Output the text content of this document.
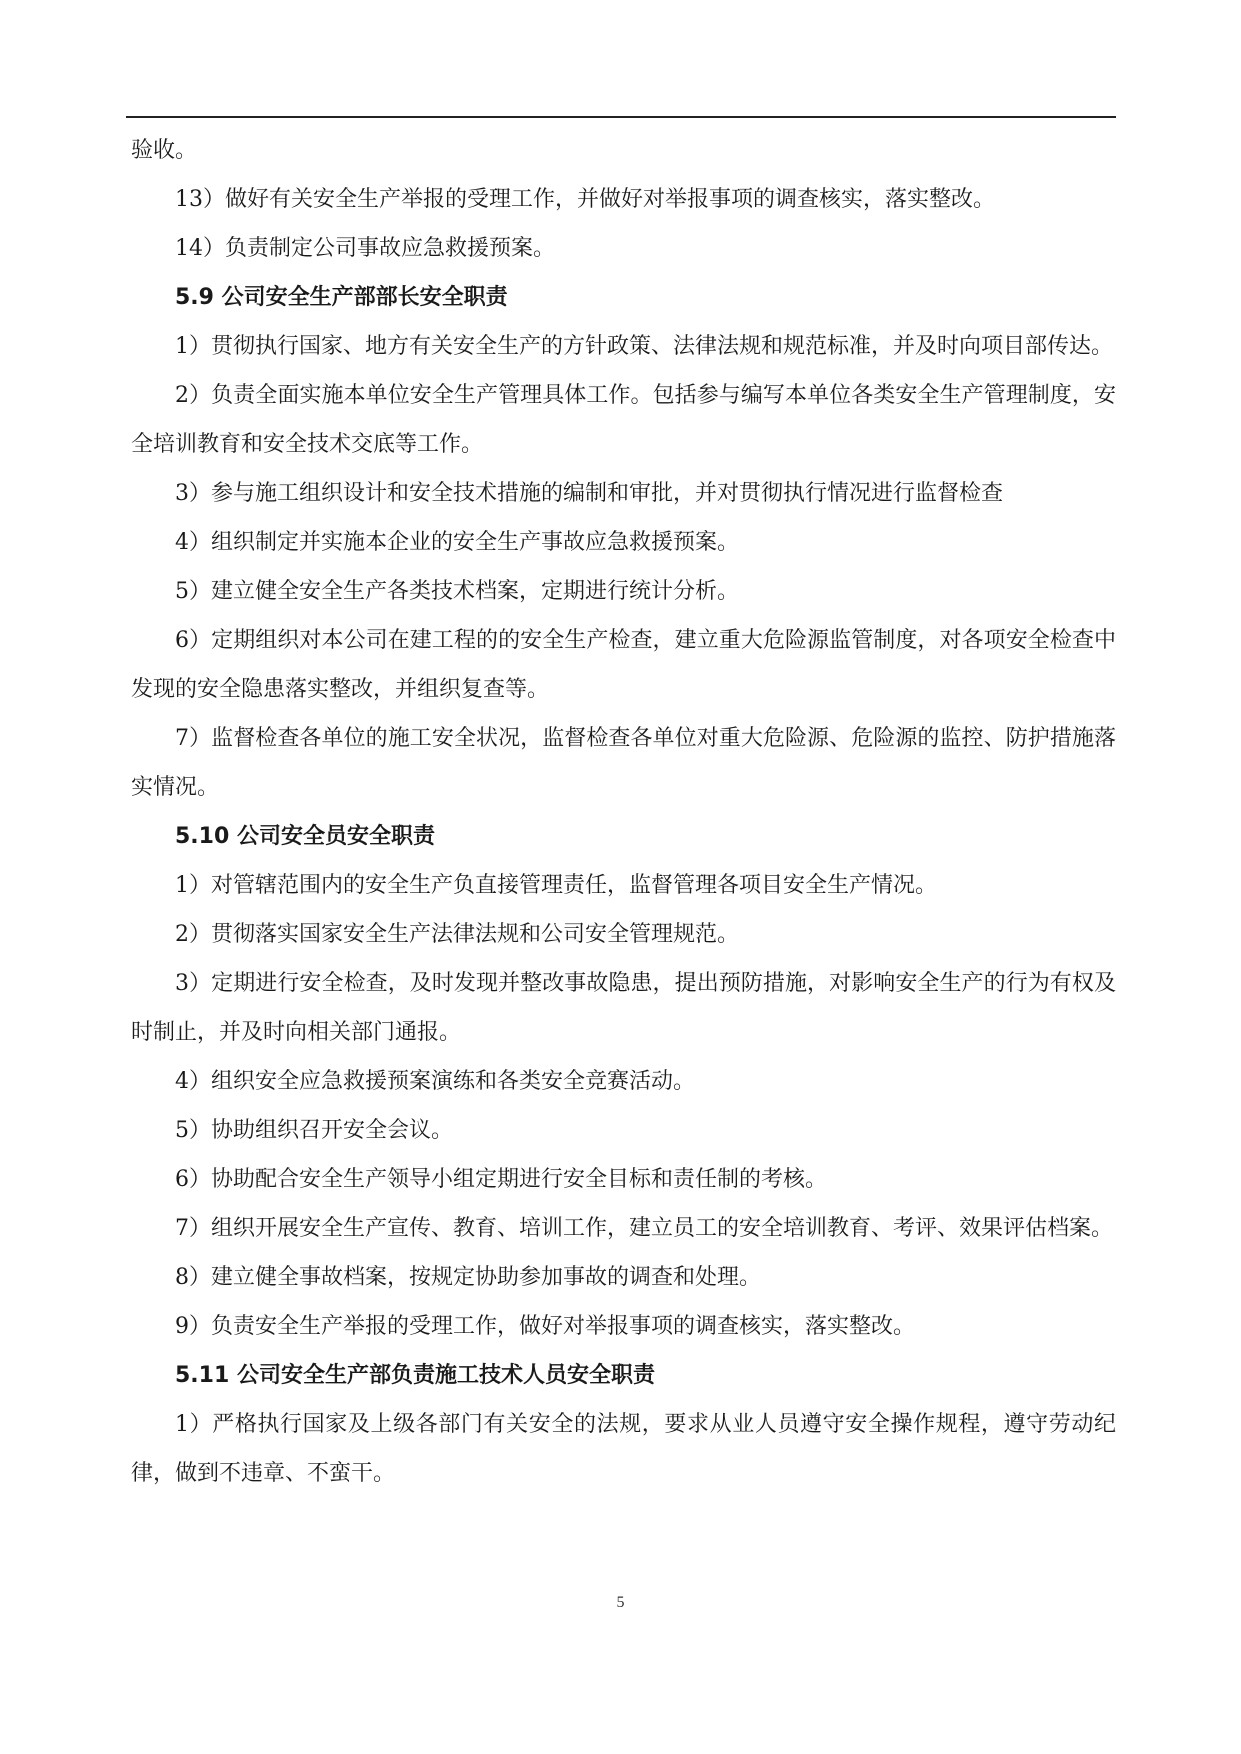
验收。

13）做好有关安全生产举报的受理工作，并做好对举报事项的调查核实，落实整改。

14）负责制定公司事故应急救援预案。

5.9 公司安全生产部部长安全职责

1）贯彻执行国家、地方有关安全生产的方针政策、法律法规和规范标准，并及时向项目部传达。

2）负责全面实施本单位安全生产管理具体工作。包括参与编写本单位各类安全生产管理制度，安全培训教育和安全技术交底等工作。

3）参与施工组织设计和安全技术措施的编制和审批，并对贯彻执行情况进行监督检查

4）组织制定并实施本企业的安全生产事故应急救援预案。

5）建立健全安全生产各类技术档案，定期进行统计分析。

6）定期组织对本公司在建工程的的安全生产检查，建立重大危险源监管制度，对各项安全检查中发现的安全隐患落实整改，并组织复查等。

7）监督检查各单位的施工安全状况，监督检查各单位对重大危险源、危险源的监控、防护措施落实情况。

5.10 公司安全员安全职责

1）对管辖范围内的安全生产负直接管理责任，监督管理各项目安全生产情况。

2）贯彻落实国家安全生产法律法规和公司安全管理规范。

3）定期进行安全检查，及时发现并整改事故隐患，提出预防措施，对影响安全生产的行为有权及时制止，并及时向相关部门通报。

4）组织安全应急救援预案演练和各类安全竞赛活动。

5）协助组织召开安全会议。

6）协助配合安全生产领导小组定期进行安全目标和责任制的考核。

7）组织开展安全生产宣传、教育、培训工作，建立员工的安全培训教育、考评、效果评估档案。

8）建立健全事故档案，按规定协助参加事故的调查和处理。

9）负责安全生产举报的受理工作，做好对举报事项的调查核实，落实整改。

5.11 公司安全生产部负责施工技术人员安全职责

1）严格执行国家及上级各部门有关安全的法规，要求从业人员遵守安全操作规程，遵守劳动纪律，做到不违章、不蛮干。

5
